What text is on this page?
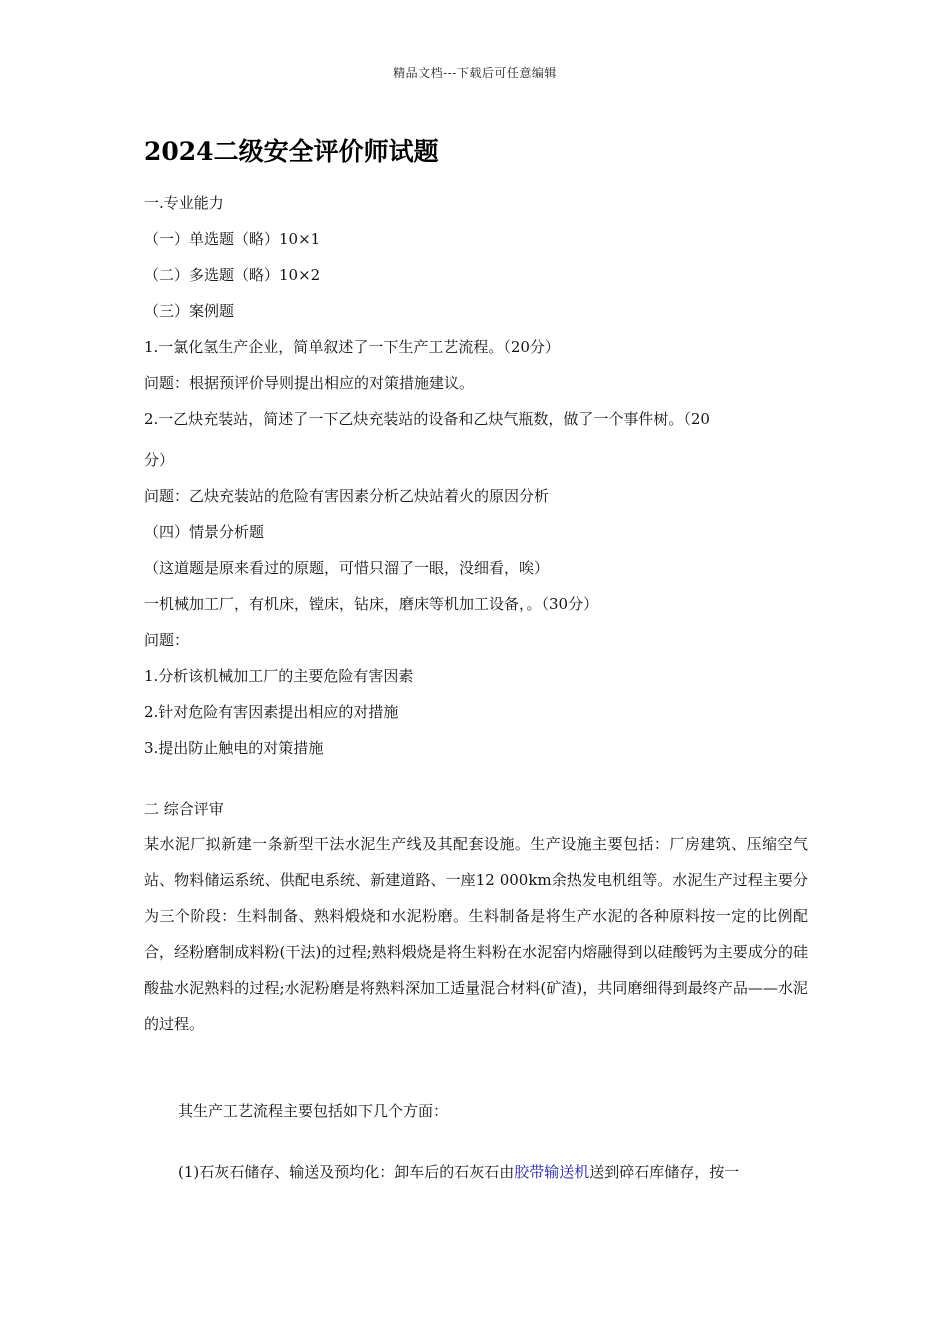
精品文档---下载后可任意编辑
2024二级安全评价师试题
一.专业能力
（一）单选题（略）10×1
（二）多选题（略）10×2
（三）案例题
1.一氯化氢生产企业，简单叙述了一下生产工艺流程。（20分）
问题：根据预评价导则提出相应的对策措施建议。
2.一乙炔充装站，简述了一下乙炔充装站的设备和乙炔气瓶数，做了一个事件树。（20
分）
问题：乙炔充装站的危险有害因素分析乙炔站着火的原因分析
（四）情景分析题
（这道题是原来看过的原题，可惜只溜了一眼，没细看，唉）
一机械加工厂，有机床，镗床，钻床，磨床等机加工设备，。（30分）
问题：
1.分析该机械加工厂的主要危险有害因素
2.针对危险有害因素提出相应的对措施
3.提出防止触电的对策措施
二 综合评审
某水泥厂拟新建一条新型干法水泥生产线及其配套设施。生产设施主要包括：厂房建筑、压缩空气站、物料储运系统、供配电系统、新建道路、一座12 000km余热发电机组等。水泥生产过程主要分为三个阶段：生料制备、熟料煅烧和水泥粉磨。生料制备是将生产水泥的各种原料按一定的比例配合，经粉磨制成料粉(干法)的过程;熟料煅烧是将生料粉在水泥窑内熔融得到以硅酸钙为主要成分的硅酸盐水泥熟料的过程;水泥粉磨是将熟料深加工适量混合材料(矿渣)，共同磨细得到最终产品——水泥的过程。
其生产工艺流程主要包括如下几个方面：
(1)石灰石储存、输送及预均化：卸车后的石灰石由胶带输送机送到碎石库储存，按一
